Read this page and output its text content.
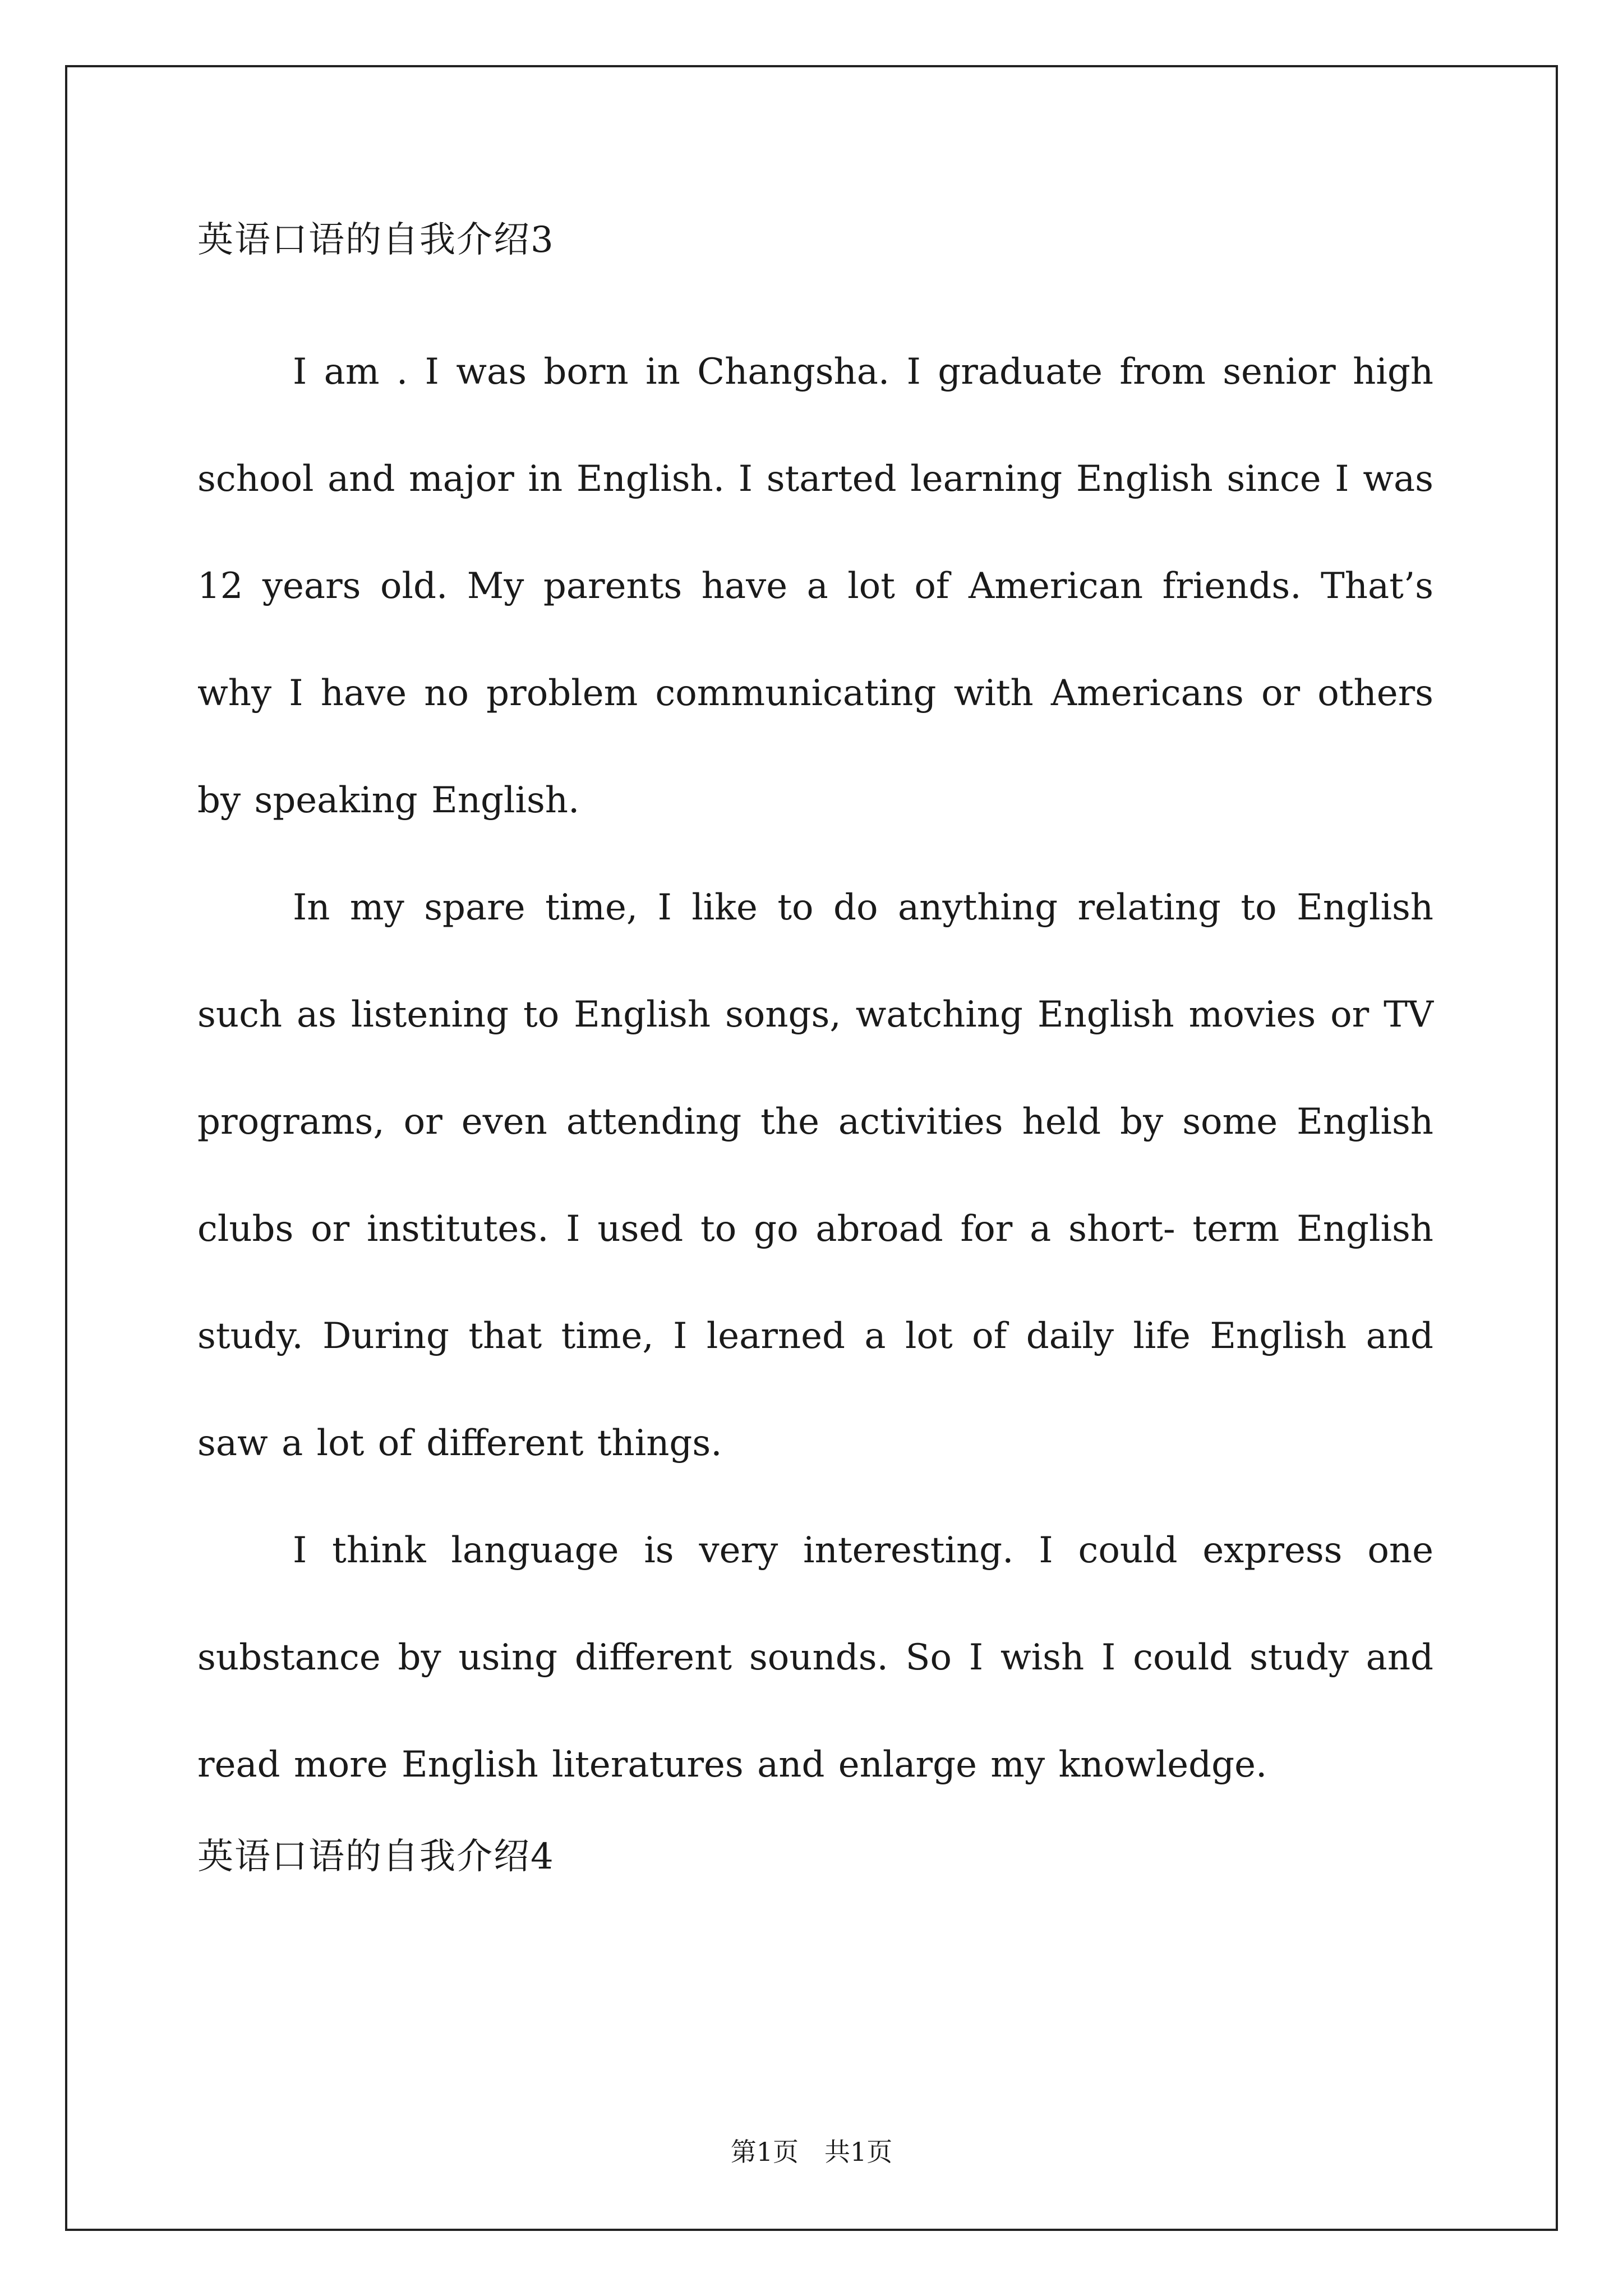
英语口语的自我介绍3

I am . I was born in Changsha. I graduate from senior high school and major in English. I started learning English since I was 12 years old. My parents have a lot of American friends. That’s why I have no problem communicating with Americans or others by speaking English.

In my spare time, I like to do anything relating to English such as listening to English songs, watching English movies or TV programs, or even attending the activities held by some English clubs or institutes. I used to go abroad for a short- term English study. During that time, I learned a lot of daily life English and saw a lot of different things.

I think language is very interesting. I could express one substance by using different sounds. So I wish I could study and read more English literatures and enlarge my knowledge.

英语口语的自我介绍4
第1页　共1页
